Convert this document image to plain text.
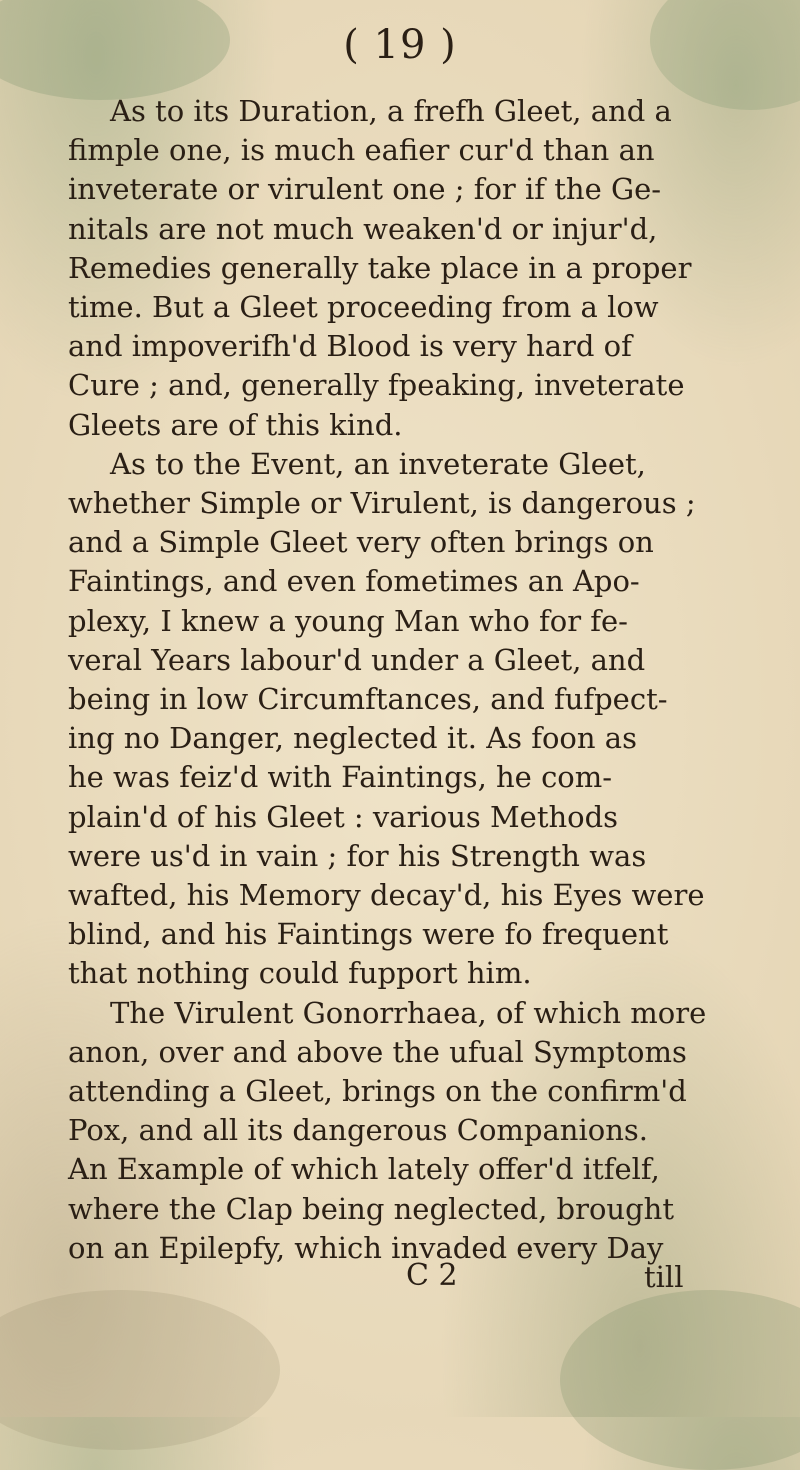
( 19 )
As to its Duration, a frefh Gleet, and a
fimple one, is much eafier cur'd than an
inveterate or virulent one ; for if the Ge-
nitals are not much weaken'd or injur'd,
Remedies generally take place in a proper
time. But a Gleet proceeding from a low
and impoverifh'd Blood is very hard of
Cure ; and, generally fpeaking, inveterate
Gleets are of this kind.
As to the Event, an inveterate Gleet,
whether Simple or Virulent, is dangerous ;
and a Simple Gleet very often brings on
Faintings, and even fometimes an Apo-
plexy, I knew a young Man who for fe-
veral Years labour'd under a Gleet, and
being in low Circumftances, and fufpect-
ing no Danger, neglected it. As foon as
he was feiz'd with Faintings, he com-
plain'd of his Gleet : various Methods
were us'd in vain ; for his Strength was
wafted, his Memory decay'd, his Eyes were
blind, and his Faintings were fo frequent
that nothing could fupport him.
The Virulent Gonorrhaea, of which more
anon, over and above the ufual Symptoms
attending a Gleet, brings on the confirm'd
Pox, and all its dangerous Companions.
An Example of which lately offer'd itfelf,
where the Clap being neglected, brought
on an Epilepfy, which invaded every Day
C 2	till
